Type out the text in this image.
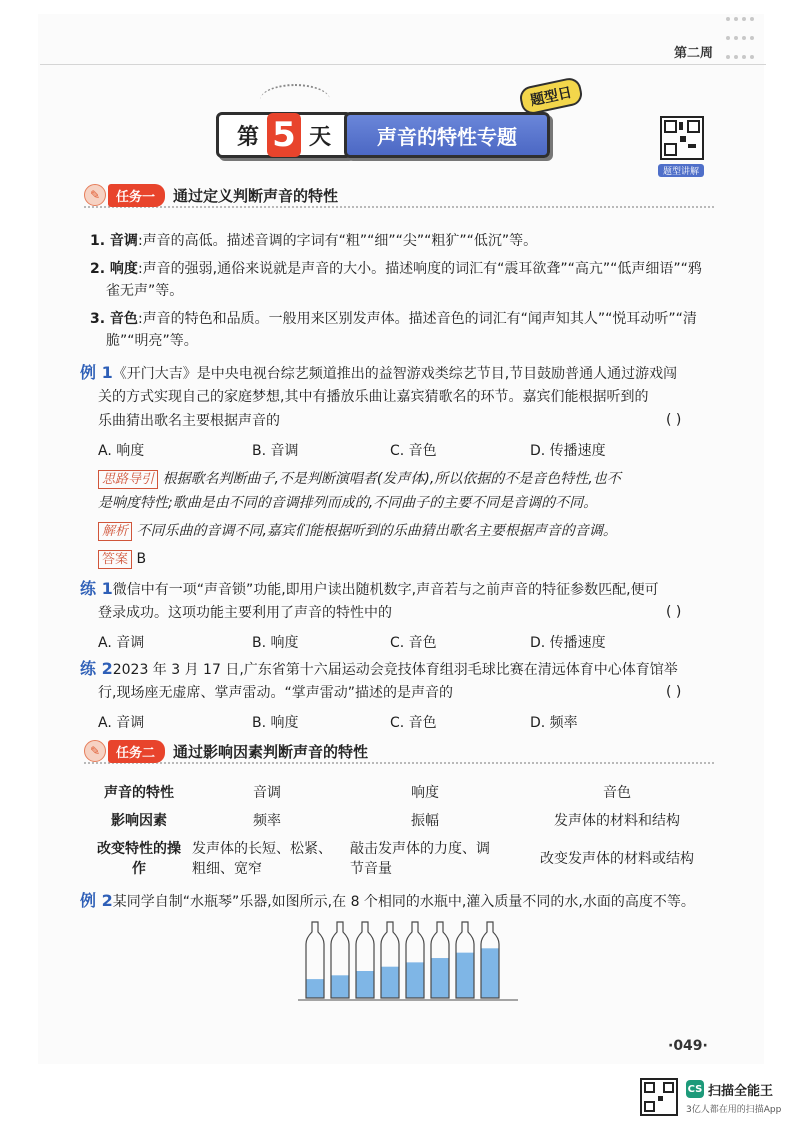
第二周
第 5 天	声音的特性专题
题型日
题型讲解
✎	任务一	通过定义判断声音的特性
1. 音调:声音的高低。描述音调的字词有“粗”“细”“尖”“粗犷”“低沉”等。
2. 响度:声音的强弱,通俗来说就是声音的大小。描述响度的词汇有“震耳欲聋”“高亢”“低声细语”“鸦
雀无声”等。
3. 音色:声音的特色和品质。一般用来区别发声体。描述音色的词汇有“闻声知其人”“悦耳动听”“清
脆”“明亮”等。
例 1《开门大吉》是中央电视台综艺频道推出的益智游戏类综艺节目,节目鼓励普通人通过游戏闯
关的方式实现自己的家庭梦想,其中有播放乐曲让嘉宾猜歌名的环节。嘉宾们能根据听到的
乐曲猜出歌名主要根据声音的	( )
A. 响度	B. 音调	C. 音色	D. 传播速度
思路导引 根据歌名判断曲子,不是判断演唱者(发声体),所以依据的不是音色特性,也不
是响度特性;歌曲是由不同的音调排列而成的,不同曲子的主要不同是音调的不同。
解析 不同乐曲的音调不同,嘉宾们能根据听到的乐曲猜出歌名主要根据声音的音调。
答案 B
练 1微信中有一项“声音锁”功能,即用户读出随机数字,声音若与之前声音的特征参数匹配,便可
登录成功。这项功能主要利用了声音的特性中的	( )
A. 音调	B. 响度	C. 音色	D. 传播速度
练 22023 年 3 月 17 日,广东省第十六届运动会竞技体育组羽毛球比赛在清远体育中心体育馆举
行,现场座无虚席、掌声雷动。“掌声雷动”描述的是声音的	( )
A. 音调	B. 响度	C. 音色	D. 频率
✎	任务二	通过影响因素判断声音的特性
声音的特性	音调	响度	音色
影响因素	频率	振幅	发声体的材料和结构
改变特性的操作	发声体的长短、松紧、粗细、宽窄	敲击发声体的力度、调节音量	改变发声体的材料或结构
例 2某同学自制“水瓶琴”乐器,如图所示,在 8 个相同的水瓶中,灌入质量不同的水,水面的高度不等。
·049·
CS 扫描全能王
3亿人都在用的扫描App
